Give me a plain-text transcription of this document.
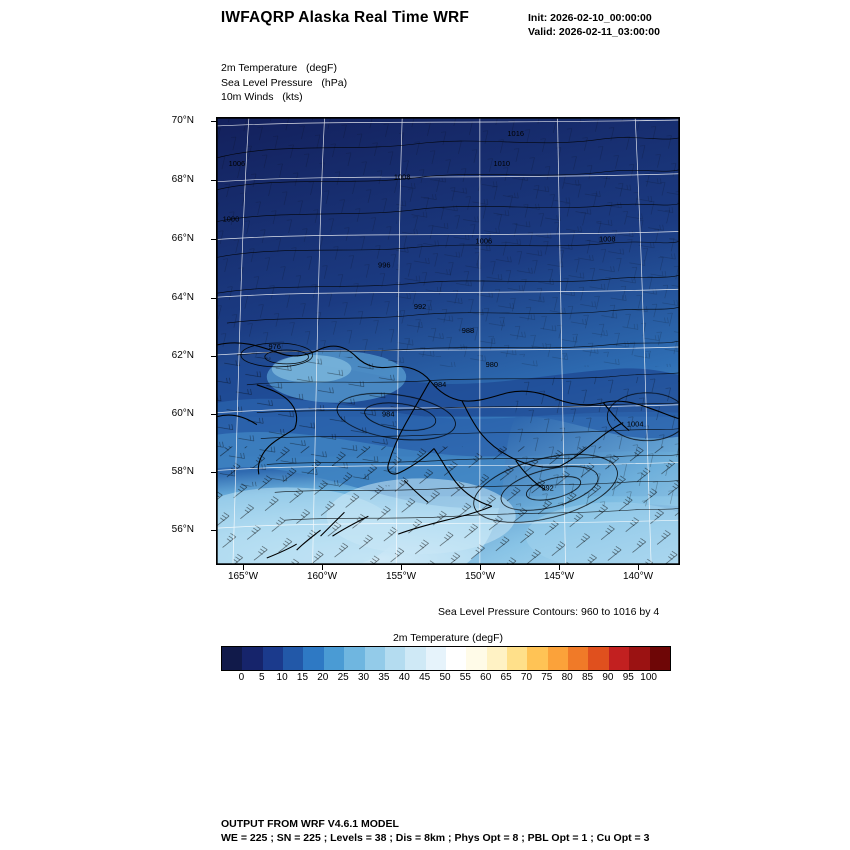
IWFAQRP Alaska Real Time WRF	Init: 2026-02-10_00:00:00
Valid: 2026-02-11_03:00:00
2m Temperature   (degF)
Sea Level Pressure   (hPa)
10m Winds   (kts)
1016
1006
1008
1010
1000
1006	1008
996
992
988
976
984
980
984
992
1004
70°N
68°N
66°N
64°N
62°N
60°N
58°N
56°N
165°W	160°W	155°W	150°W	145°W	140°W
Sea Level Pressure Contours: 960 to 1016 by 4
2m Temperature (degF)
0 5 10 15 20 25 30 35 40 45 50 55 60 65 70 75 80 85 90 95 100
OUTPUT FROM WRF V4.6.1 MODEL
WE = 225 ; SN = 225 ; Levels = 38 ; Dis = 8km ; Phys Opt = 8 ; PBL Opt = 1 ; Cu Opt = 3
